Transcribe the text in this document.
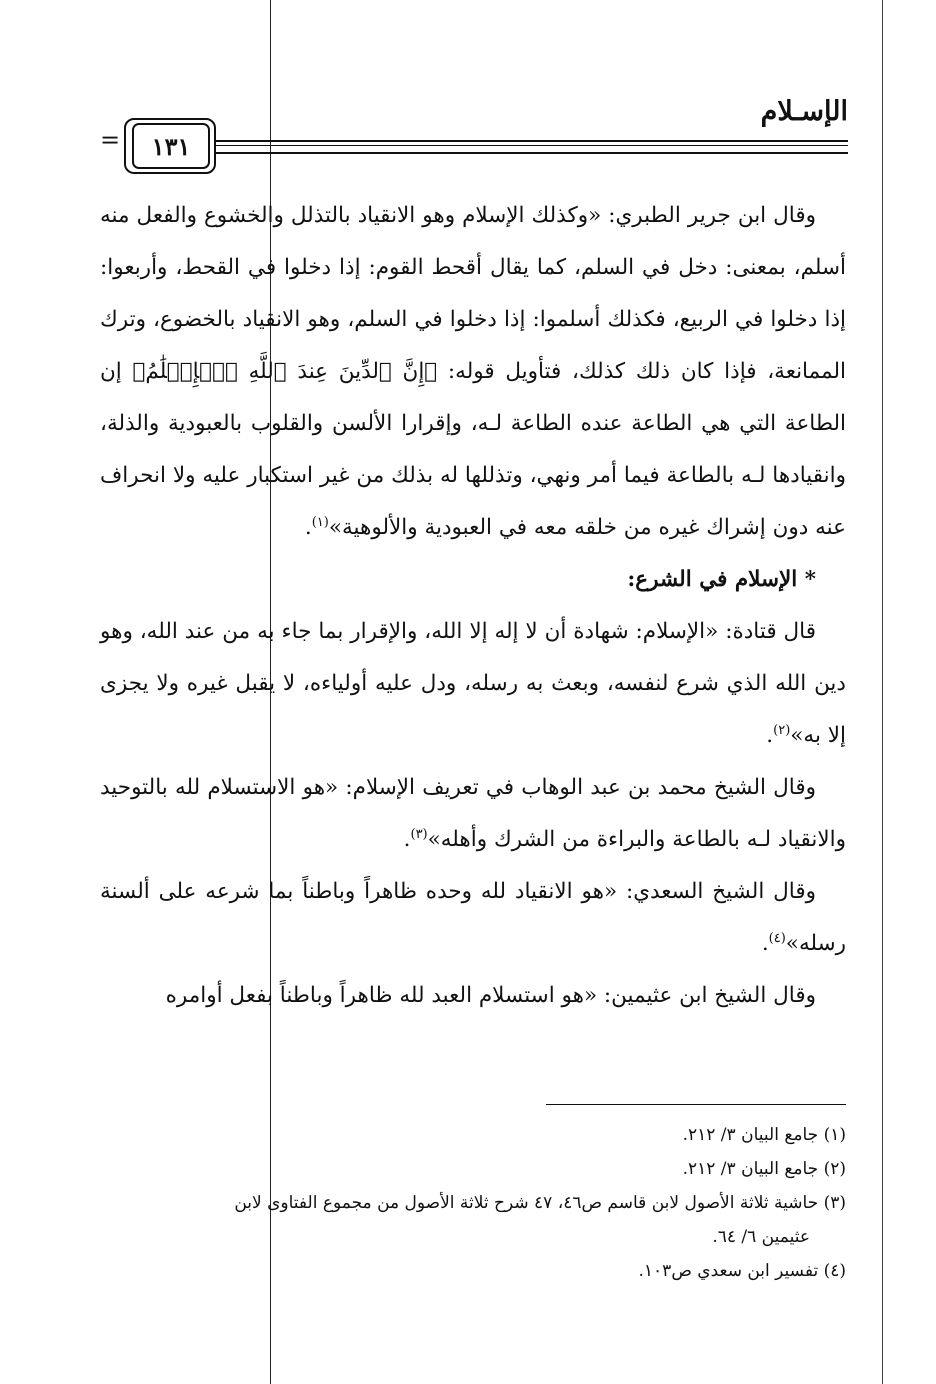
الإسـلام
١٣١
=

وقال ابن جرير الطبري: «وكذلك الإسلام وهو الانقياد بالتذلل والخشوع والفعل منه أسلم، بمعنى: دخل في السلم، كما يقال أقحط القوم: إذا دخلوا في القحط، وأربعوا: إذا دخلوا في الربيع، فكذلك أسلموا: إذا دخلوا في السلم، وهو الانقياد بالخضوع، وترك الممانعة، فإذا كان ذلك كذلك، فتأويل قوله: ﴿إِنَّ ٱلدِّينَ عِندَ ٱللَّهِ ٱلۡإِسۡلَٰمُ﴾ إن الطاعة التي هي الطاعة عنده الطاعة لـه، وإقرارا الألسن والقلوب بالعبودية والذلة، وانقيادها لـه بالطاعة فيما أمر ونهي، وتذللها له بذلك من غير استكبار عليه ولا انحراف عنه دون إشراك غيره من خلقه معه في العبودية والألوهية»$^{(١)}$.

* الإسلام في الشرع:

قال قتادة: «الإسلام: شهادة أن لا إله إلا الله، والإقرار بما جاء به من عند الله، وهو دين الله الذي شرع لنفسه، وبعث به رسله، ودل عليه أولياءه، لا يقبل غيره ولا يجزى إلا به»$^{(٢)}$.

وقال الشيخ محمد بن عبد الوهاب في تعريف الإسلام: «هو الاستسلام لله بالتوحيد والانقياد لـه بالطاعة والبراءة من الشرك وأهله»$^{(٣)}$.

وقال الشيخ السعدي: «هو الانقياد لله وحده ظاهراً وباطناً بما شرعه على ألسنة رسله»$^{(٤)}$.

وقال الشيخ ابن عثيمين: «هو استسلام العبد لله ظاهراً وباطناً بفعل أوامره

(١) جامع البيان ٣/ ٢١٢.

(٢) جامع البيان ٣/ ٢١٢.

(٣) حاشية ثلاثة الأصول لابن قاسم ص٤٦، ٤٧ شرح ثلاثة الأصول من مجموع الفتاوى لابن

عثيمين ٦/ ٦٤.

(٤) تفسير ابن سعدي ص١٠٣.
